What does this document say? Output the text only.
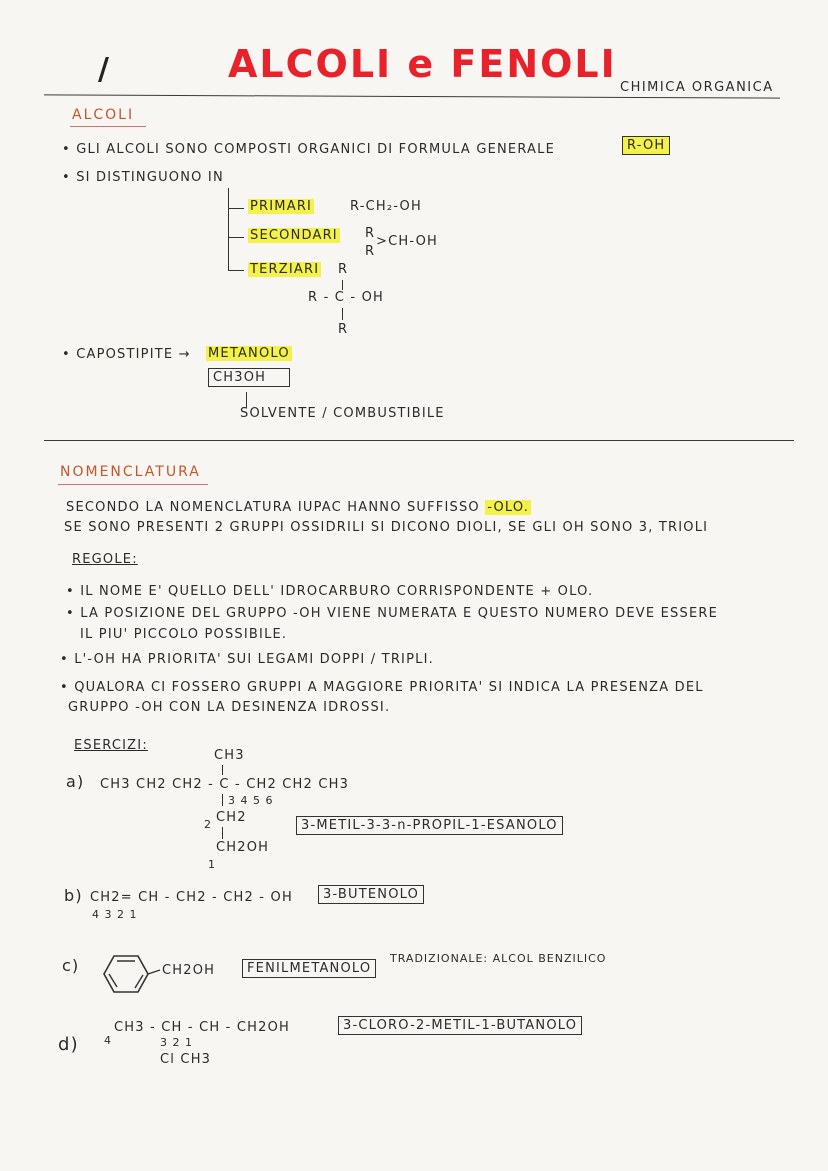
/	ALCOLI e FENOLI
CHIMICA ORGANICA
ALCOLI
• GLI ALCOLI SONO COMPOSTI ORGANICI DI FORMULA GENERALE	R-OH
• SI DISTINGUONO IN
PRIMARI	R-CH₂-OH
SECONDARI R
R
>CH-OH
TERZIARI R
R - C - OH
R
• CAPOSTIPITE → METANOLO
CH3OH
SOLVENTE / COMBUSTIBILE
NOMENCLATURA
SECONDO LA NOMENCLATURA IUPAC HANNO SUFFISSO -OLO.
SE SONO PRESENTI 2 GRUPPI OSSIDRILI SI DICONO DIOLI, SE GLI OH SONO 3, TRIOLI
REGOLE:
• IL NOME E' QUELLO DELL' IDROCARBURO CORRISPONDENTE + OLO.
• LA POSIZIONE DEL GRUPPO -OH VIENE NUMERATA E QUESTO NUMERO DEVE ESSERE
IL PIU' PICCOLO POSSIBILE.
• L'-OH HA PRIORITA' SUI LEGAMI DOPPI / TRIPLI.
• QUALORA CI FOSSERO GRUPPI A MAGGIORE PRIORITA' SI INDICA LA PRESENZA DEL
GRUPPO -OH CON LA DESINENZA IDROSSI.
ESERCIZI:
a)
CH3
CH3 CH2 CH2 - C - CH2 CH2 CH3
3 4 5 6
2 CH2
CH2OH
1
3-METIL-3-3-n-PROPIL-1-ESANOLO
b) CH2= CH - CH2 - CH2 - OH
4 3 2 1
3-BUTENOLO
c)	CH2OH	FENILMETANOLO
TRADIZIONALE: ALCOL BENZILICO
d) 4
CH3 - CH - CH - CH2OH
3 2 1
Cl CH3
3-CLORO-2-METIL-1-BUTANOLO
